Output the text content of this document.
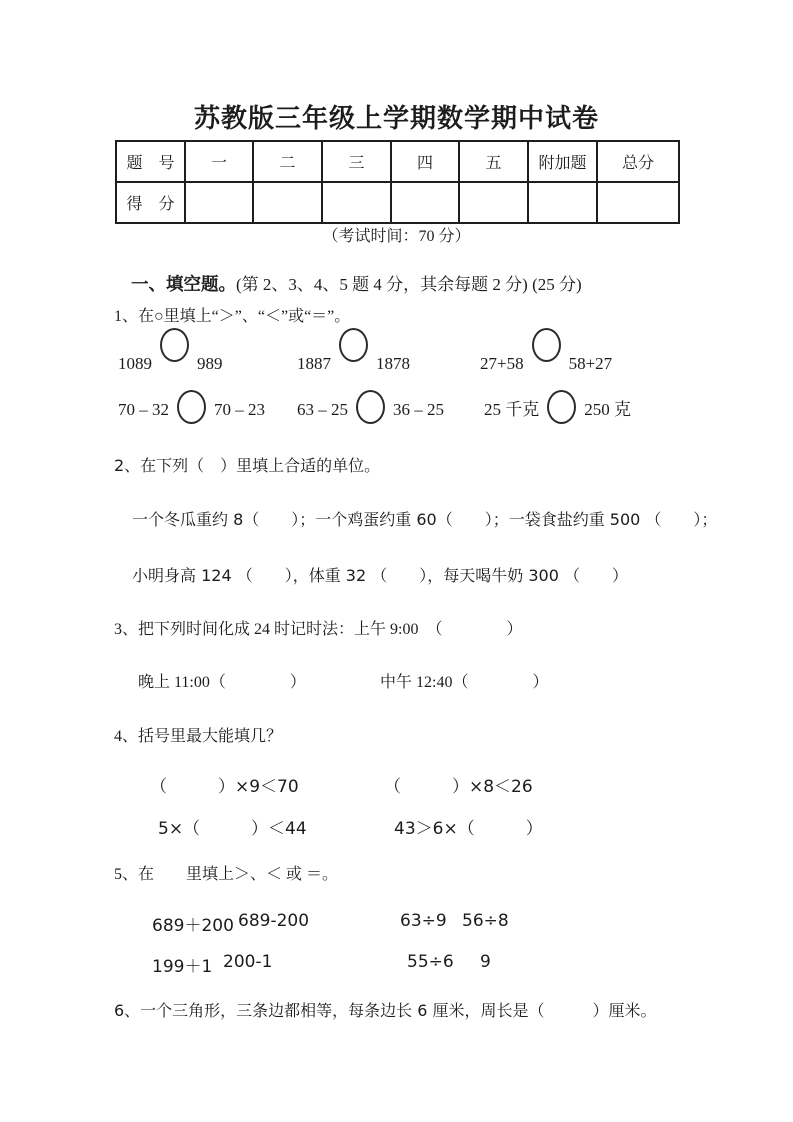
苏教版三年级上学期数学期中试卷
题　号	一	二	三	四	五	附加题	总分
得　分							
（考试时间：70 分）

一、填空题。(第 2、3、4、5 题 4 分，其余每题 2 分) (25 分)

1、在○里填上“＞”、“＜”或“＝”。
1089	989	1887	1878	27+58	58+27
70 – 32	70 – 23 63 – 25	36 – 25 25 千克	250 克
2、在下列（　）里填上合适的单位。
一个冬瓜重约 8（　　）；一个鸡蛋约重 60（　　）；一袋食盐约重 500 （　　）；
小明身高 124 （　　），体重 32 （　　），每天喝牛奶 300 （　　）
3、把下列时间化成 24 时记时法：上午 9:00　（　　　　）
晚上 11:00（　　　　）	中午 12:40（　　　　）
4、括号里最大能填几？
（　　　）×9＜70	（　　　）×8＜26
5×（　　　）＜44	43＞6×（　　　）
5、在　　里填上＞、＜ 或 ＝。
689＋200 689-200	63÷9 56÷8
199＋1 200-1	55÷6 9
6、一个三角形，三条边都相等，每条边长 6 厘米，周长是（　　　）厘米。
